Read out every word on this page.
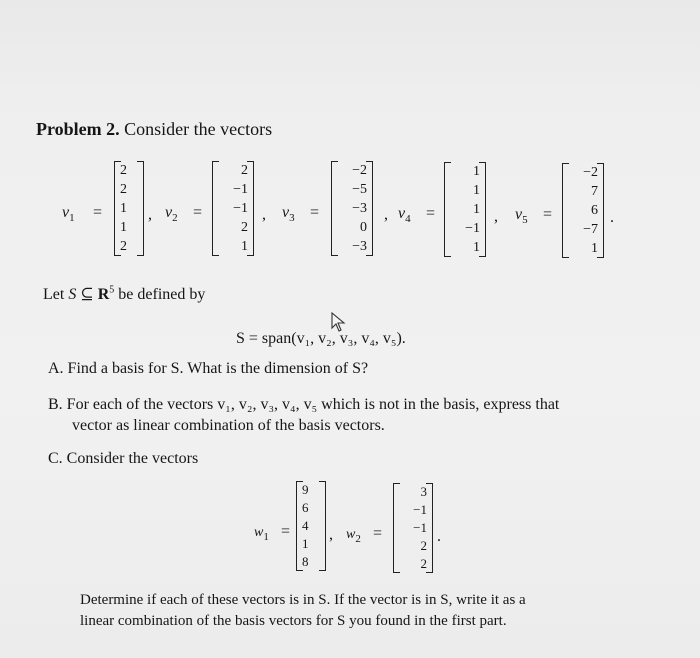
Problem 2. Consider the vectors
$v_1$ =
2
2
1
1
2
, $v_2$ =
2
−1
−1
2
1
, $v_3$ =
−2
−5
−3
0
−3
, $v_4$ =
1
1
1
−1
1
, $v_5$ =
−2
7
6
−7
1
.
Let S ⊆ $R^5$ be defined by
S = span(v₁, v₂, v₃, v₄, v₅).
A. Find a basis for S. What is the dimension of S?
B. For each of the vectors v₁, v₂, v₃, v₄, v₅ which is not in the basis, express that
vector as linear combination of the basis vectors.
C. Consider the vectors
$w_1$ =
9
6
4
1
8
, $w_2$ =
3
−1
−1
2
2
.
Determine if each of these vectors is in S. If the vector is in S, write it as a
linear combination of the basis vectors for S you found in the first part.
